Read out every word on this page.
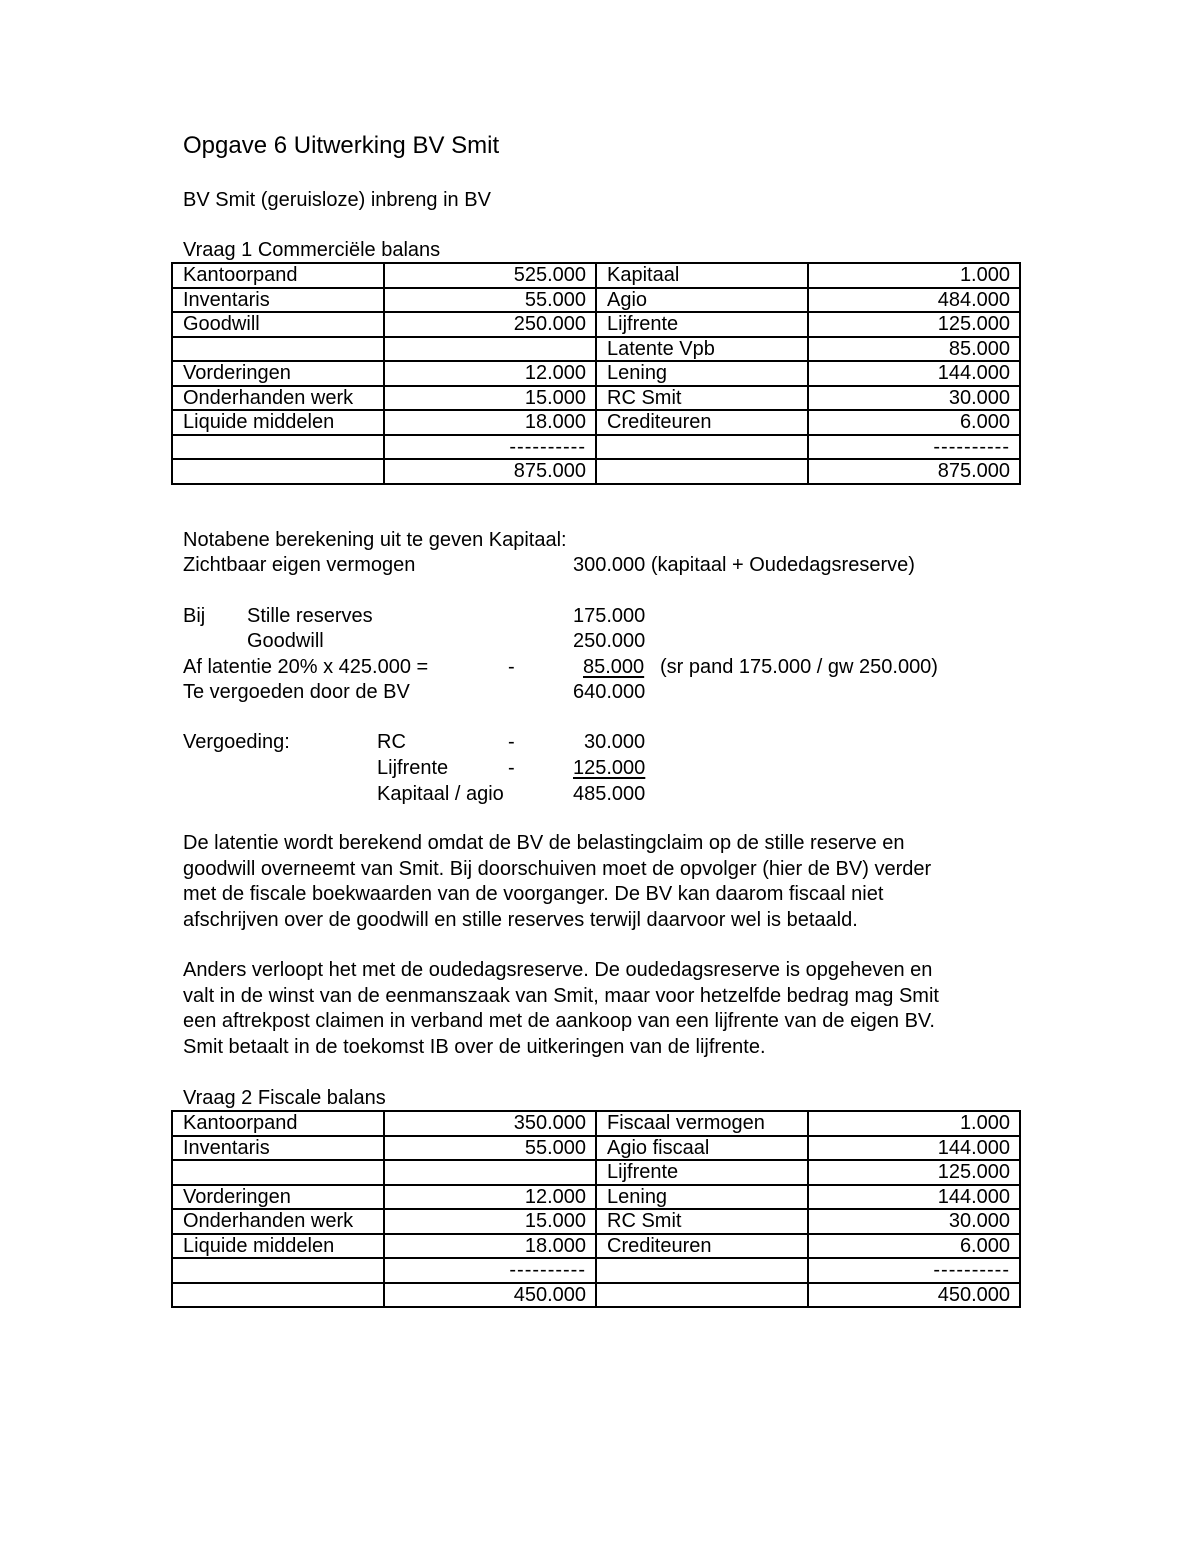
Opgave 6 Uitwerking BV Smit
BV Smit (geruisloze) inbreng in BV
Vraag 1 Commerciële balans
Kantoorpand	525.000	Kapitaal	1.000
Inventaris	55.000	Agio	484.000
Goodwill	250.000	Lijfrente	125.000
		Latente Vpb	85.000
Vorderingen	12.000	Lening	144.000
Onderhanden werk	15.000	RC Smit	30.000
Liquide middelen	18.000	Crediteuren	6.000
	----------		----------
	875.000		875.000
Notabene berekening uit te geven Kapitaal:
Zichtbaar eigen vermogen	300.000 (kapitaal + Oudedagsreserve)
Bij Stille reserves	175.000
Goodwill	250.000
Af latentie 20% x 425.000 =	-	85.000 (sr pand 175.000 / gw 250.000)
Te vergoeden door de BV	640.000
Vergoeding:	RC	-	30.000
Lijfrente	-	125.000
Kapitaal / agio	485.000

De latentie wordt berekend omdat de BV de belastingclaim op de stille reserve en

goodwill overneemt van Smit. Bij doorschuiven moet de opvolger (hier de BV) verder

met de fiscale boekwaarden van de voorganger. De BV kan daarom fiscaal niet

afschrijven over de goodwill en stille reserves terwijl daarvoor wel is betaald.

Anders verloopt het met de oudedagsreserve. De oudedagsreserve is opgeheven en

valt in de winst van de eenmanszaak van Smit, maar voor hetzelfde bedrag mag Smit

een aftrekpost claimen in verband met de aankoop van een lijfrente van de eigen BV.

Smit betaalt in de toekomst IB over de uitkeringen van de lijfrente.

Vraag 2 Fiscale balans
Kantoorpand	350.000	Fiscaal vermogen	1.000
Inventaris	55.000	Agio fiscaal	144.000
		Lijfrente	125.000
Vorderingen	12.000	Lening	144.000
Onderhanden werk	15.000	RC Smit	30.000
Liquide middelen	18.000	Crediteuren	6.000
	----------		----------
	450.000		450.000
